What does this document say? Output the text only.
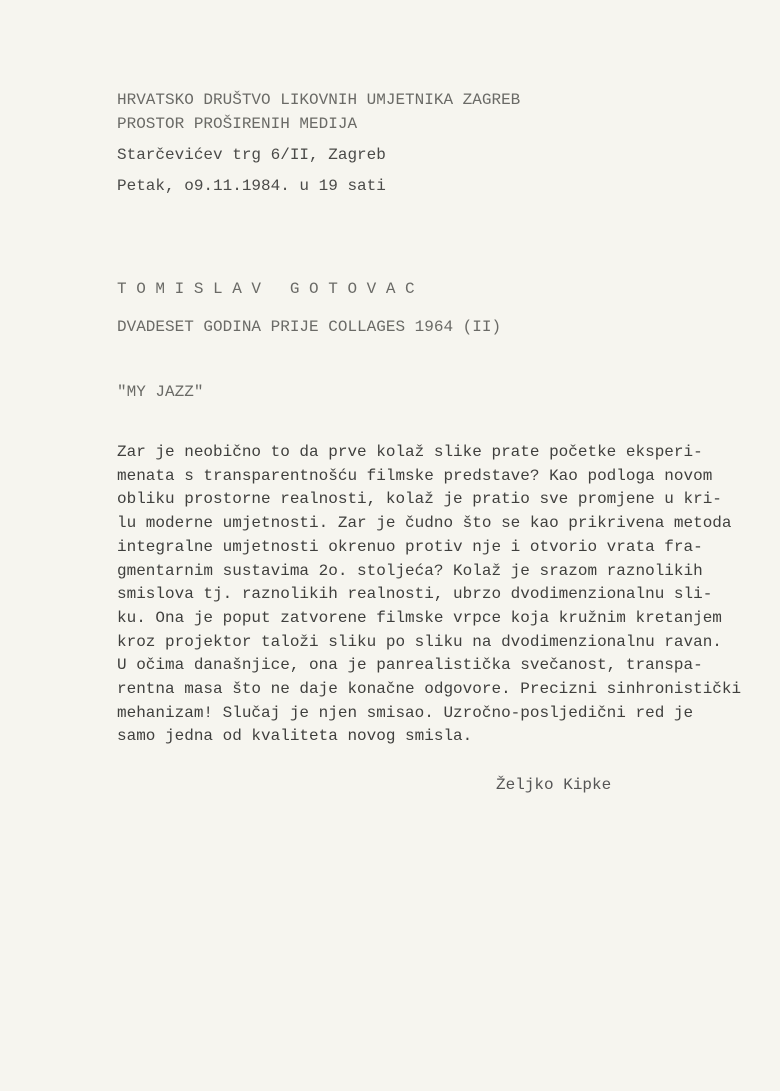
HRVATSKO DRUŠTVO LIKOVNIH UMJETNIKA ZAGREB
PROSTOR PROŠIRENIH MEDIJA
Starčevićev trg 6/II, Zagreb
Petak, o9.11.1984. u 19 sati
T O M I S L A V   G O T O V A C
DVADESET GODINA PRIJE COLLAGES 1964 (II)
"MY JAZZ"
Zar je neobično to da prve kolaž slike prate početke eksperi-
menata s transparentnošću filmske predstave? Kao podloga novom
obliku prostorne realnosti, kolaž je pratio sve promjene u kri-
lu moderne umjetnosti. Zar je čudno što se kao prikrivena metoda
integralne umjetnosti okrenuo protiv nje i otvorio vrata fra-
gmentarnim sustavima 2o. stoljeća? Kolaž je srazom raznolikih
smislova tj. raznolikih realnosti, ubrzo dvodimenzionalnu sli-
ku. Ona je poput zatvorene filmske vrpce koja kružnim kretanjem
kroz projektor taloži sliku po sliku na dvodimenzionalnu ravan.
U očima današnjice, ona je panrealistička svečanost, transpa-
rentna masa što ne daje konačne odgovore. Precizni sinhronistički
mehanizam! Slučaj je njen smisao. Uzročno-posljedični red je
samo jedna od kvaliteta novog smisla.
Željko Kipke
